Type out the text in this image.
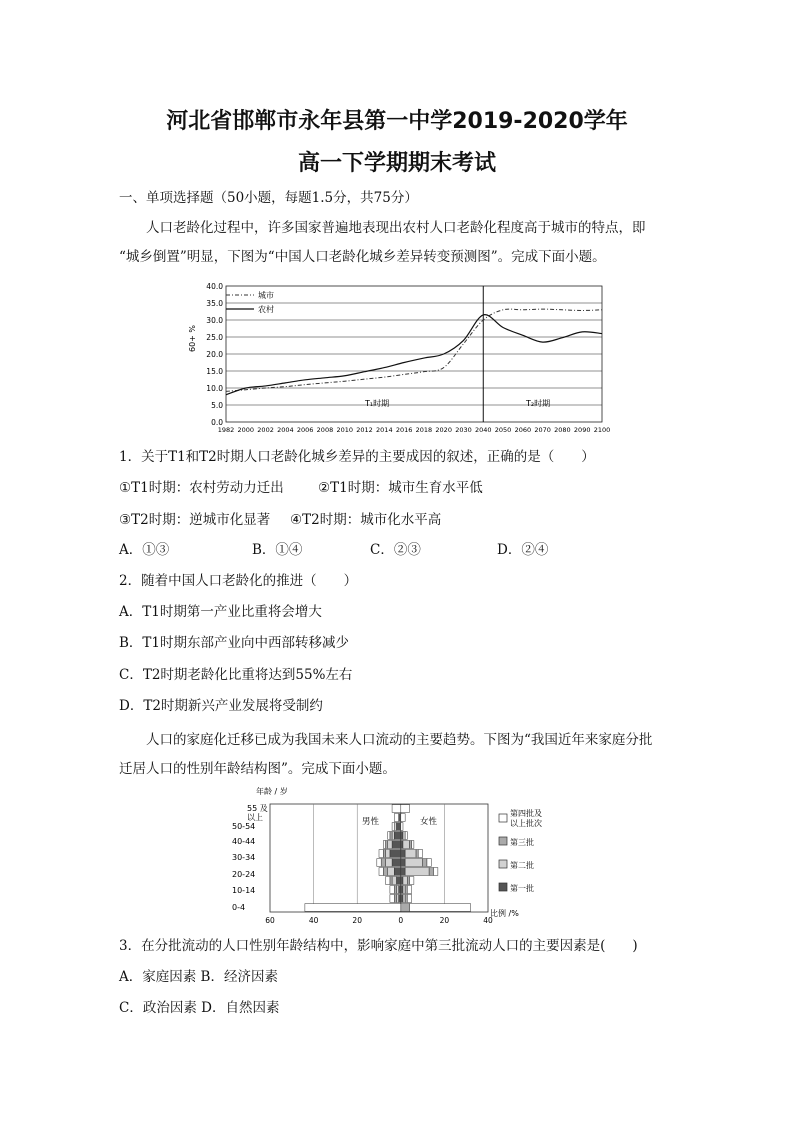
河北省邯郸市永年县第一中学2019-2020学年
高一下学期期末考试
一、单项选择题（50小题，每题1.5分，共75分）
人口老龄化过程中，许多国家普遍地表现出农村人口老龄化程度高于城市的特点，即
“城乡倒置”明显，下图为“中国人口老龄化城乡差异转变预测图”。完成下面小题。
0.0
5.0
10.0
15.0
20.0
25.0
30.0
35.0
40.0
1982 2000 2002 2004 2006 2008 2010 2012 2014 2016 2018 2020 2030 2040 2050 2060 2070 2080 2090 2100
60+ %
城市
农村
T₁时期	T₂时期
1．关于T1和T2时期人口老龄化城乡差异的主要成因的叙述，正确的是（　　）
①T1时期：农村劳动力迁出	②T1时期：城市生育水平低
③T2时期：逆城市化显著 ④T2时期：城市化水平高
A．①③	B．①④	C．②③	D．②④
2．随着中国人口老龄化的推进（　　）
A．T1时期第一产业比重将会增大
B．T1时期东部产业向中西部转移减少
C．T2时期老龄化比重将达到55%左右
D．T2时期新兴产业发展将受制约
人口的家庭化迁移已成为我国未来人口流动的主要趋势。下图为“我国近年来家庭分批
迁居人口的性别年龄结构图”。完成下面小题。
年龄 / 岁
55 及
以上
50-54
40-44
30-34
20-24
10-14
0-4
60	40	20	0	20	40
男性	女性
比例 /%
第四批及
以上批次
第三批
第二批
第一批
3．在分批流动的人口性别年龄结构中，影响家庭中第三批流动人口的主要因素是(　　)
A．家庭因素 B．经济因素
C．政治因素 D．自然因素
